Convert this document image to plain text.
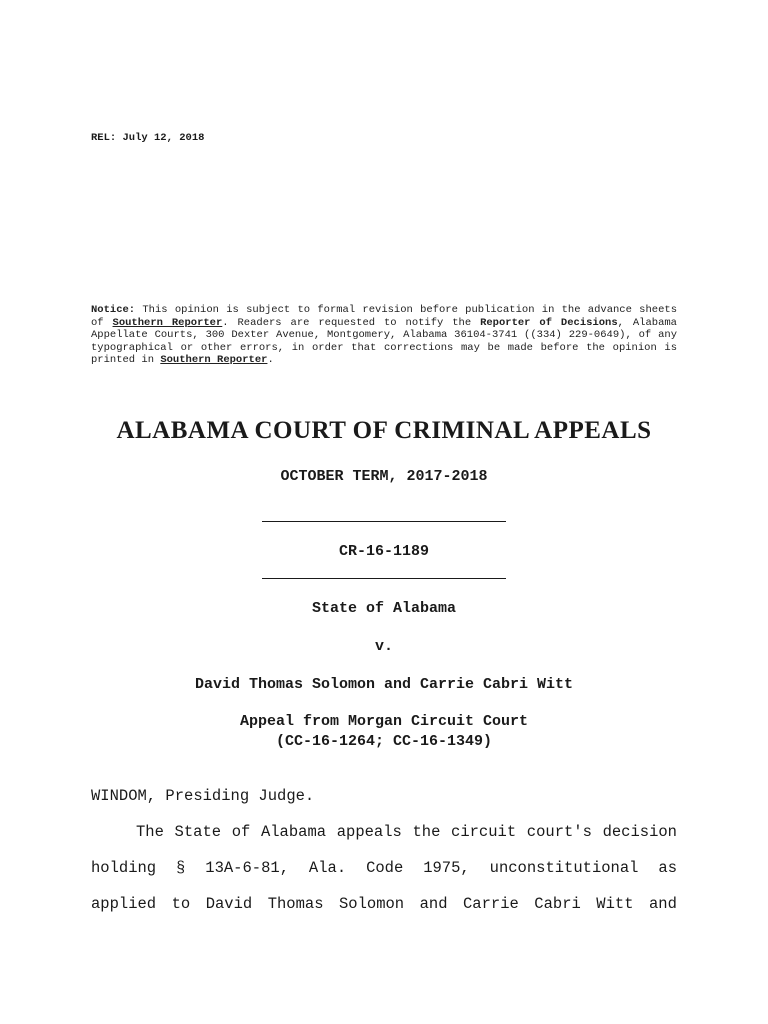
REL: July 12, 2018
Notice: This opinion is subject to formal revision before publication in the advance sheets of Southern Reporter. Readers are requested to notify the Reporter of Decisions, Alabama Appellate Courts, 300 Dexter Avenue, Montgomery, Alabama 36104-3741 ((334) 229-0649), of any typographical or other errors, in order that corrections may be made before the opinion is printed in Southern Reporter.
ALABAMA COURT OF CRIMINAL APPEALS
OCTOBER TERM, 2017-2018
CR-16-1189
State of Alabama
v.
David Thomas Solomon and Carrie Cabri Witt
Appeal from Morgan Circuit Court
(CC-16-1264; CC-16-1349)
WINDOM, Presiding Judge.
The State of Alabama appeals the circuit court's decision
holding § 13A-6-81, Ala. Code 1975, unconstitutional as
applied to David Thomas Solomon and Carrie Cabri Witt and
